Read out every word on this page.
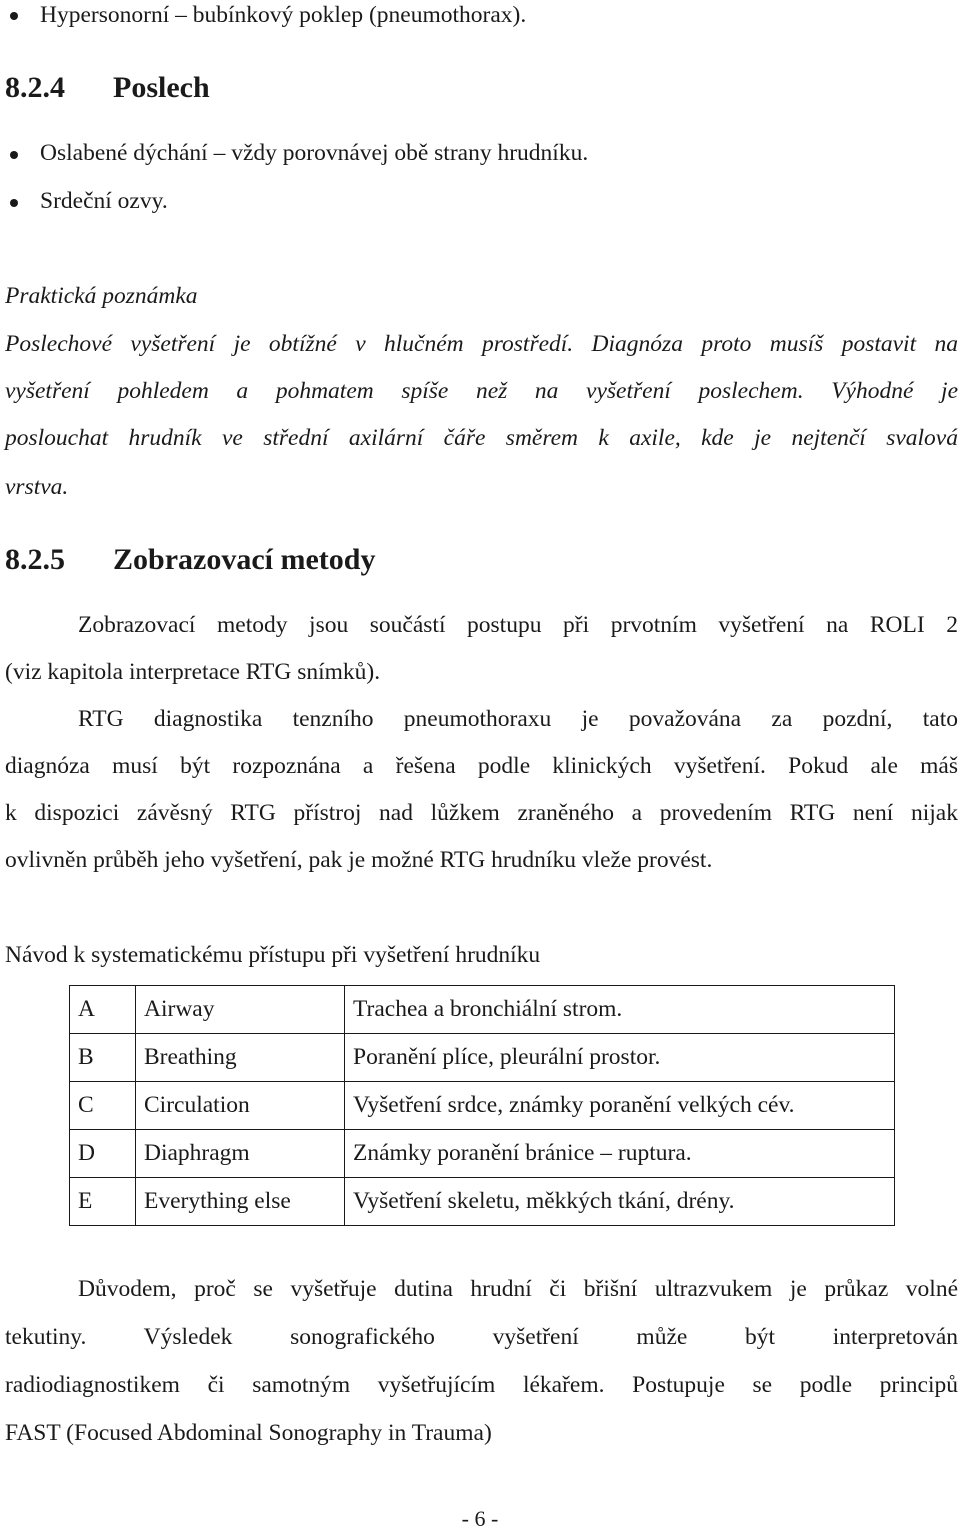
Hypersonorní – bubínkový poklep (pneumothorax).
8.2.4 Poslech
Oslabené dýchání – vždy porovnávej obě strany hrudníku.
Srdeční ozvy.
Praktická poznámka
Poslechové vyšetření je obtížné v hlučném prostředí. Diagnóza proto musíš postavit na
vyšetření pohledem a pohmatem spíše než na vyšetření poslechem. Výhodné je
poslouchat hrudník ve střední axilární čáře směrem k axile, kde je nejtenčí svalová
vrstva.
8.2.5 Zobrazovací metody
Zobrazovací metody jsou součástí postupu při prvotním vyšetření na ROLI 2
(viz kapitola interpretace RTG snímků).
RTG diagnostika tenzního pneumothoraxu je považována za pozdní, tato
diagnóza musí být rozpoznána a řešena podle klinických vyšetření. Pokud ale máš
k dispozici závěsný RTG přístroj nad lůžkem zraněného a provedením RTG není nijak
ovlivněn průběh jeho vyšetření, pak je možné RTG hrudníku vleže provést.
Návod k systematickému přístupu při vyšetření hrudníku
A	Airway	Trachea a bronchiální strom.
B	Breathing	Poranění plíce, pleurální prostor.
C	Circulation	Vyšetření srdce, známky poranění velkých cév.
D	Diaphragm	Známky poranění bránice – ruptura.
E	Everything else	Vyšetření skeletu, měkkých tkání, drény.
Důvodem, proč se vyšetřuje dutina hrudní či břišní ultrazvukem je průkaz volné
tekutiny. Výsledek sonografického vyšetření může být interpretován
radiodiagnostikem či samotným vyšetřujícím lékařem. Postupuje se podle principů
FAST (Focused Abdominal Sonography in Trauma)
- 6 -
